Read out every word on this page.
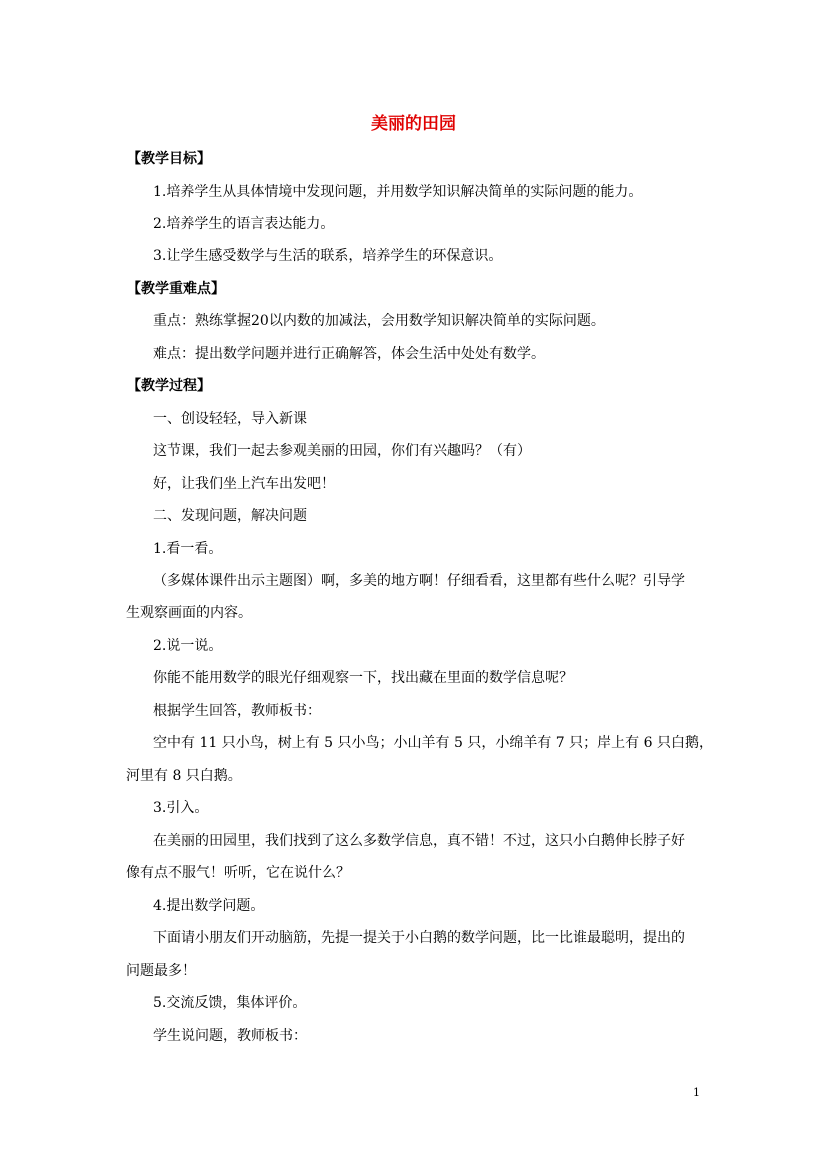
美丽的田园
【教学目标】
1.培养学生从具体情境中发现问题，并用数学知识解决简单的实际问题的能力。
2.培养学生的语言表达能力。
3.让学生感受数学与生活的联系，培养学生的环保意识。
【教学重难点】
重点：熟练掌握20以内数的加减法，会用数学知识解决简单的实际问题。
难点：提出数学问题并进行正确解答，体会生活中处处有数学。
【教学过程】
一、创设轻轻，导入新课
这节课，我们一起去参观美丽的田园，你们有兴趣吗？（有）
好，让我们坐上汽车出发吧！
二、发现问题，解决问题
1.看一看。
（多媒体课件出示主题图）啊，多美的地方啊！仔细看看，这里都有些什么呢？引导学
生观察画面的内容。
2.说一说。
你能不能用数学的眼光仔细观察一下，找出藏在里面的数学信息呢？
根据学生回答，教师板书：
空中有 11 只小鸟，树上有 5 只小鸟；小山羊有 5 只，小绵羊有 7 只；岸上有 6 只白鹅，
河里有 8 只白鹅。
3.引入。
在美丽的田园里，我们找到了这么多数学信息，真不错！不过，这只小白鹅伸长脖子好
像有点不服气！听听，它在说什么？
4.提出数学问题。
下面请小朋友们开动脑筋，先提一提关于小白鹅的数学问题，比一比谁最聪明，提出的
问题最多！
5.交流反馈，集体评价。
学生说问题，教师板书：
1
